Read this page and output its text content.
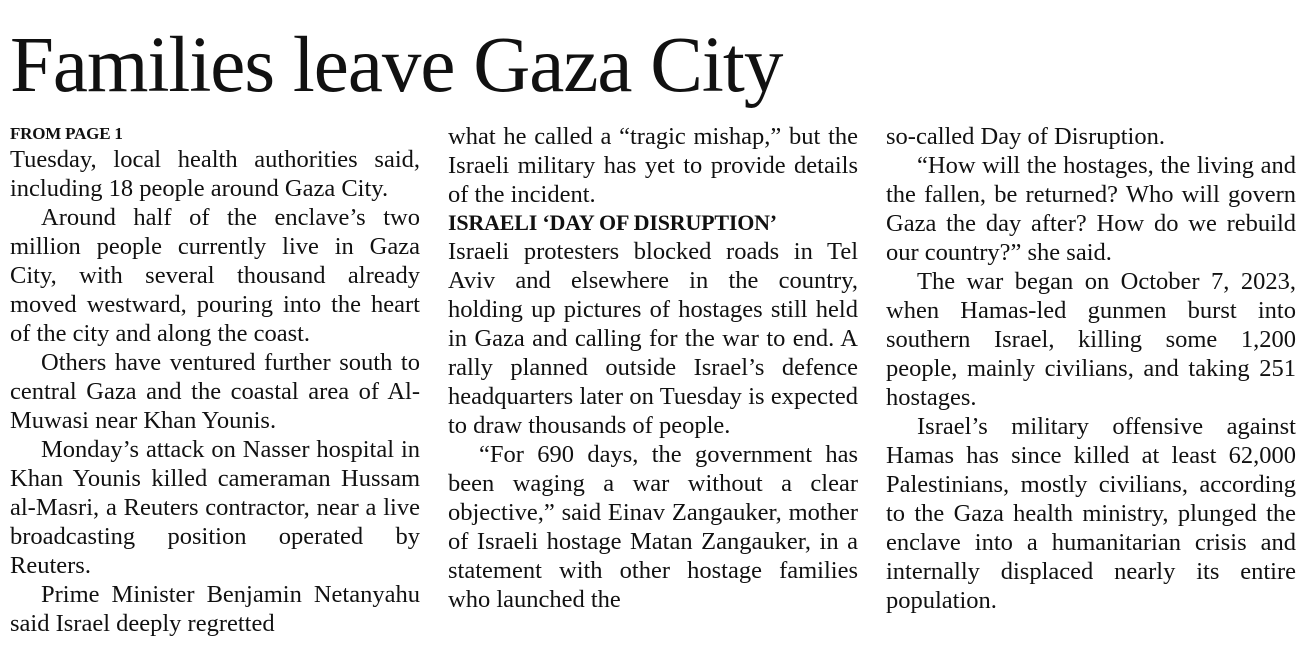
Families leave Gaza City
FROM PAGE 1

Tuesday, local health authorities said, including 18 people around Gaza City.

Around half of the enclave’s two million people currently live in Gaza City, with several thousand already moved westward, pouring into the heart of the city and along the coast.

Others have ventured further south to central Gaza and the coastal area of Al-Muwasi near Khan Younis.

Monday’s attack on Nasser hospital in Khan Younis killed cameraman Hussam al-Masri, a Reuters contractor, near a live broadcasting position operated by Reuters.

Prime Minister Benjamin Netanyahu said Israel deeply regretted

what he called a “tragic mishap,” but the Israeli military has yet to provide details of the incident.

ISRAELI ‘DAY OF DISRUPTION’

Israeli protesters blocked roads in Tel Aviv and elsewhere in the country, holding up pictures of hostages still held in Gaza and calling for the war to end. A rally planned outside Israel’s defence headquarters later on Tuesday is expected to draw thousands of people.

“For 690 days, the government has been waging a war without a clear objective,” said Einav Zangauker, mother of Israeli hostage Matan Zangauker, in a statement with other hostage families who launched the

so-called Day of Disruption.

“How will the hostages, the living and the fallen, be returned? Who will govern Gaza the day after? How do we rebuild our country?” she said.

The war began on October 7, 2023, when Hamas-led gunmen burst into southern Israel, killing some 1,200 people, mainly civilians, and taking 251 hostages.

Israel’s military offensive against Hamas has since killed at least 62,000 Palestinians, mostly civilians, according to the Gaza health ministry, plunged the enclave into a humanitarian crisis and internally displaced nearly its entire population.
